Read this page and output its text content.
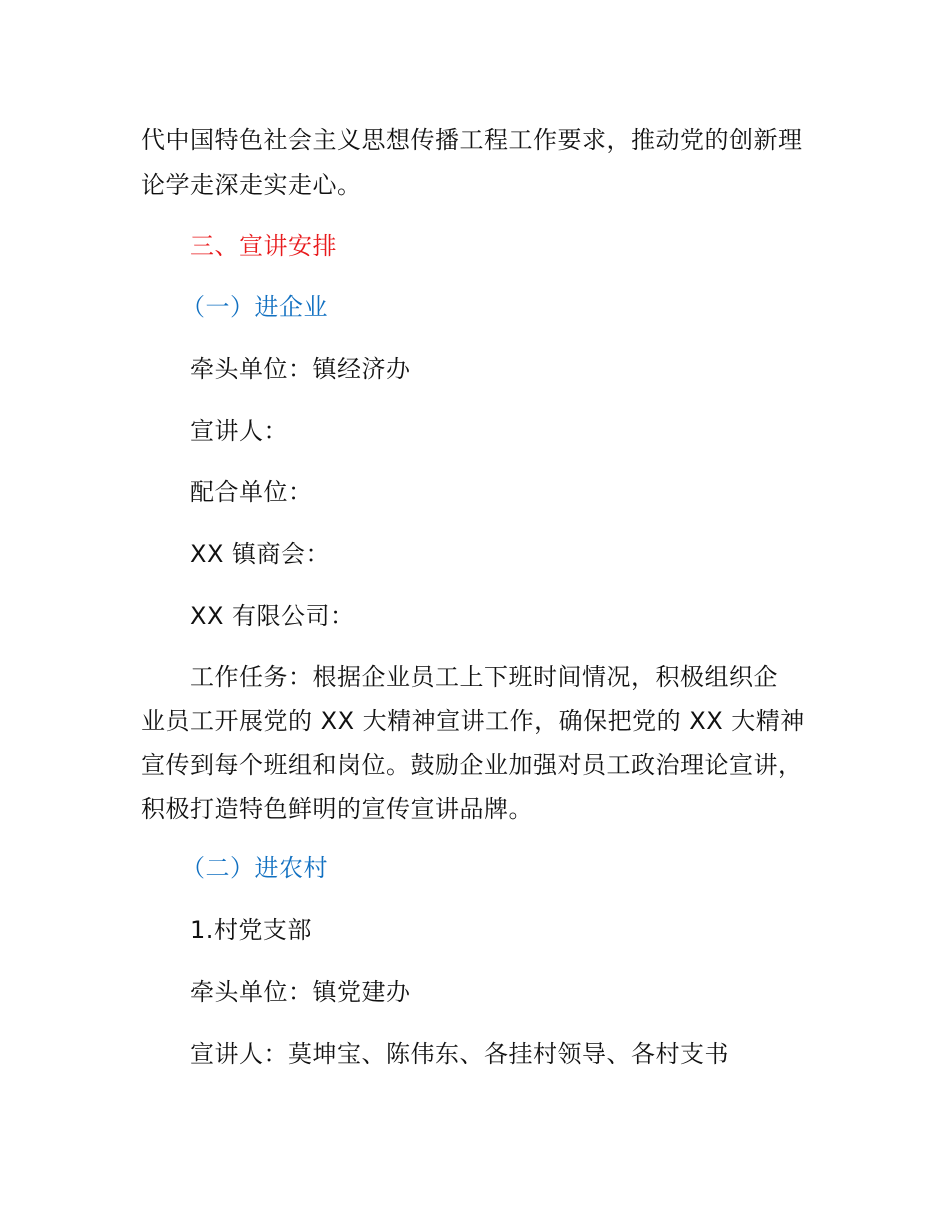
代中国特色社会主义思想传播工程工作要求，推动党的创新理
论学走深走实走心。
三、宣讲安排
（一）进企业
牵头单位：镇经济办
宣讲人：
配合单位：
XX 镇商会：
XX 有限公司：
工作任务：根据企业员工上下班时间情况，积极组织企
业员工开展党的 XX 大精神宣讲工作，确保把党的 XX 大精神
宣传到每个班组和岗位。鼓励企业加强对员工政治理论宣讲，
积极打造特色鲜明的宣传宣讲品牌。
（二）进农村
1.村党支部
牵头单位：镇党建办
宣讲人：莫坤宝、陈伟东、各挂村领导、各村支书
